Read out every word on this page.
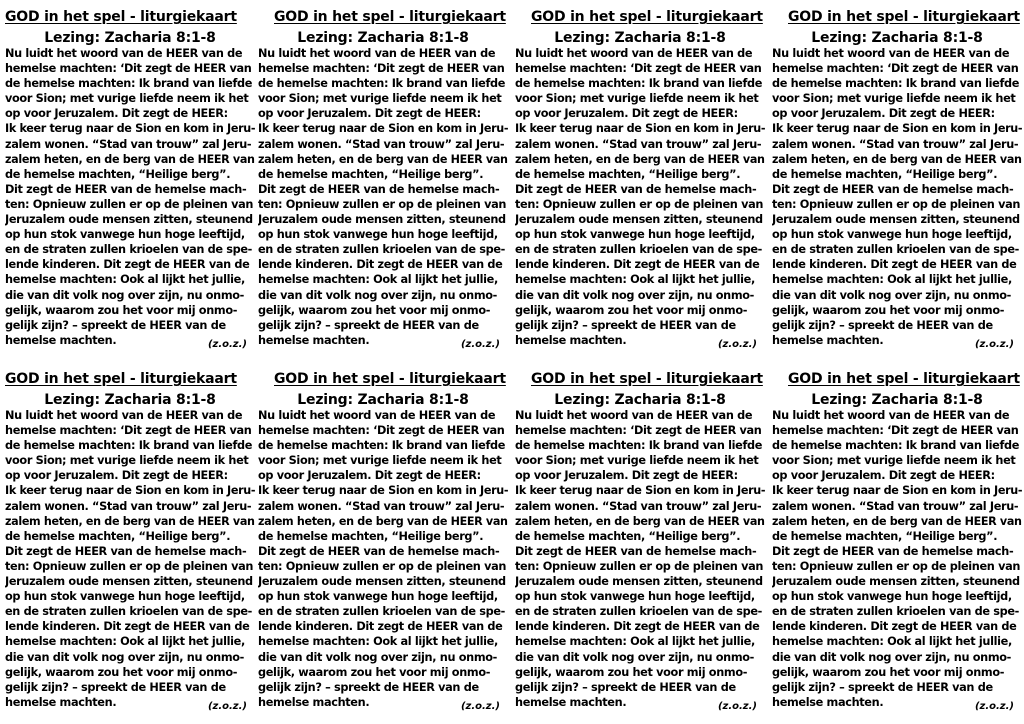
GOD in het spel - liturgiekaart
Lezing: Zacharia 8:1-8
Nu luidt het woord van de HEER van de
hemelse machten: ‘Dit zegt de HEER van
de hemelse machten: Ik brand van liefde
voor Sion; met vurige liefde neem ik het
op voor Jeruzalem. Dit zegt de HEER:
Ik keer terug naar de Sion en kom in Jeru-
zalem wonen. “Stad van trouw” zal Jeru-
zalem heten, en de berg van de HEER van
de hemelse machten, “Heilige berg”.
Dit zegt de HEER van de hemelse mach-
ten: Opnieuw zullen er op de pleinen van
Jeruzalem oude mensen zitten, steunend
op hun stok vanwege hun hoge leeftijd,
en de straten zullen krioelen van de spe-
lende kinderen. Dit zegt de HEER van de
hemelse machten: Ook al lijkt het jullie,
die van dit volk nog over zijn, nu onmo-
gelijk, waarom zou het voor mij onmo-
gelijk zijn? – spreekt de HEER van de
hemelse machten.	(z.o.z.)
GOD in het spel - liturgiekaart
Lezing: Zacharia 8:1-8
Nu luidt het woord van de HEER van de
hemelse machten: ‘Dit zegt de HEER van
de hemelse machten: Ik brand van liefde
voor Sion; met vurige liefde neem ik het
op voor Jeruzalem. Dit zegt de HEER:
Ik keer terug naar de Sion en kom in Jeru-
zalem wonen. “Stad van trouw” zal Jeru-
zalem heten, en de berg van de HEER van
de hemelse machten, “Heilige berg”.
Dit zegt de HEER van de hemelse mach-
ten: Opnieuw zullen er op de pleinen van
Jeruzalem oude mensen zitten, steunend
op hun stok vanwege hun hoge leeftijd,
en de straten zullen krioelen van de spe-
lende kinderen. Dit zegt de HEER van de
hemelse machten: Ook al lijkt het jullie,
die van dit volk nog over zijn, nu onmo-
gelijk, waarom zou het voor mij onmo-
gelijk zijn? – spreekt de HEER van de
hemelse machten.	(z.o.z.)
GOD in het spel - liturgiekaart
Lezing: Zacharia 8:1-8
Nu luidt het woord van de HEER van de
hemelse machten: ‘Dit zegt de HEER van
de hemelse machten: Ik brand van liefde
voor Sion; met vurige liefde neem ik het
op voor Jeruzalem. Dit zegt de HEER:
Ik keer terug naar de Sion en kom in Jeru-
zalem wonen. “Stad van trouw” zal Jeru-
zalem heten, en de berg van de HEER van
de hemelse machten, “Heilige berg”.
Dit zegt de HEER van de hemelse mach-
ten: Opnieuw zullen er op de pleinen van
Jeruzalem oude mensen zitten, steunend
op hun stok vanwege hun hoge leeftijd,
en de straten zullen krioelen van de spe-
lende kinderen. Dit zegt de HEER van de
hemelse machten: Ook al lijkt het jullie,
die van dit volk nog over zijn, nu onmo-
gelijk, waarom zou het voor mij onmo-
gelijk zijn? – spreekt de HEER van de
hemelse machten.	(z.o.z.)
GOD in het spel - liturgiekaart
Lezing: Zacharia 8:1-8
Nu luidt het woord van de HEER van de
hemelse machten: ‘Dit zegt de HEER van
de hemelse machten: Ik brand van liefde
voor Sion; met vurige liefde neem ik het
op voor Jeruzalem. Dit zegt de HEER:
Ik keer terug naar de Sion en kom in Jeru-
zalem wonen. “Stad van trouw” zal Jeru-
zalem heten, en de berg van de HEER van
de hemelse machten, “Heilige berg”.
Dit zegt de HEER van de hemelse mach-
ten: Opnieuw zullen er op de pleinen van
Jeruzalem oude mensen zitten, steunend
op hun stok vanwege hun hoge leeftijd,
en de straten zullen krioelen van de spe-
lende kinderen. Dit zegt de HEER van de
hemelse machten: Ook al lijkt het jullie,
die van dit volk nog over zijn, nu onmo-
gelijk, waarom zou het voor mij onmo-
gelijk zijn? – spreekt de HEER van de
hemelse machten.	(z.o.z.)
GOD in het spel - liturgiekaart
Lezing: Zacharia 8:1-8
Nu luidt het woord van de HEER van de
hemelse machten: ‘Dit zegt de HEER van
de hemelse machten: Ik brand van liefde
voor Sion; met vurige liefde neem ik het
op voor Jeruzalem. Dit zegt de HEER:
Ik keer terug naar de Sion en kom in Jeru-
zalem wonen. “Stad van trouw” zal Jeru-
zalem heten, en de berg van de HEER van
de hemelse machten, “Heilige berg”.
Dit zegt de HEER van de hemelse mach-
ten: Opnieuw zullen er op de pleinen van
Jeruzalem oude mensen zitten, steunend
op hun stok vanwege hun hoge leeftijd,
en de straten zullen krioelen van de spe-
lende kinderen. Dit zegt de HEER van de
hemelse machten: Ook al lijkt het jullie,
die van dit volk nog over zijn, nu onmo-
gelijk, waarom zou het voor mij onmo-
gelijk zijn? – spreekt de HEER van de
hemelse machten.	(z.o.z.)
GOD in het spel - liturgiekaart
Lezing: Zacharia 8:1-8
Nu luidt het woord van de HEER van de
hemelse machten: ‘Dit zegt de HEER van
de hemelse machten: Ik brand van liefde
voor Sion; met vurige liefde neem ik het
op voor Jeruzalem. Dit zegt de HEER:
Ik keer terug naar de Sion en kom in Jeru-
zalem wonen. “Stad van trouw” zal Jeru-
zalem heten, en de berg van de HEER van
de hemelse machten, “Heilige berg”.
Dit zegt de HEER van de hemelse mach-
ten: Opnieuw zullen er op de pleinen van
Jeruzalem oude mensen zitten, steunend
op hun stok vanwege hun hoge leeftijd,
en de straten zullen krioelen van de spe-
lende kinderen. Dit zegt de HEER van de
hemelse machten: Ook al lijkt het jullie,
die van dit volk nog over zijn, nu onmo-
gelijk, waarom zou het voor mij onmo-
gelijk zijn? – spreekt de HEER van de
hemelse machten.	(z.o.z.)
GOD in het spel - liturgiekaart
Lezing: Zacharia 8:1-8
Nu luidt het woord van de HEER van de
hemelse machten: ‘Dit zegt de HEER van
de hemelse machten: Ik brand van liefde
voor Sion; met vurige liefde neem ik het
op voor Jeruzalem. Dit zegt de HEER:
Ik keer terug naar de Sion en kom in Jeru-
zalem wonen. “Stad van trouw” zal Jeru-
zalem heten, en de berg van de HEER van
de hemelse machten, “Heilige berg”.
Dit zegt de HEER van de hemelse mach-
ten: Opnieuw zullen er op de pleinen van
Jeruzalem oude mensen zitten, steunend
op hun stok vanwege hun hoge leeftijd,
en de straten zullen krioelen van de spe-
lende kinderen. Dit zegt de HEER van de
hemelse machten: Ook al lijkt het jullie,
die van dit volk nog over zijn, nu onmo-
gelijk, waarom zou het voor mij onmo-
gelijk zijn? – spreekt de HEER van de
hemelse machten.	(z.o.z.)
GOD in het spel - liturgiekaart
Lezing: Zacharia 8:1-8
Nu luidt het woord van de HEER van de
hemelse machten: ‘Dit zegt de HEER van
de hemelse machten: Ik brand van liefde
voor Sion; met vurige liefde neem ik het
op voor Jeruzalem. Dit zegt de HEER:
Ik keer terug naar de Sion en kom in Jeru-
zalem wonen. “Stad van trouw” zal Jeru-
zalem heten, en de berg van de HEER van
de hemelse machten, “Heilige berg”.
Dit zegt de HEER van de hemelse mach-
ten: Opnieuw zullen er op de pleinen van
Jeruzalem oude mensen zitten, steunend
op hun stok vanwege hun hoge leeftijd,
en de straten zullen krioelen van de spe-
lende kinderen. Dit zegt de HEER van de
hemelse machten: Ook al lijkt het jullie,
die van dit volk nog over zijn, nu onmo-
gelijk, waarom zou het voor mij onmo-
gelijk zijn? – spreekt de HEER van de
hemelse machten.	(z.o.z.)
